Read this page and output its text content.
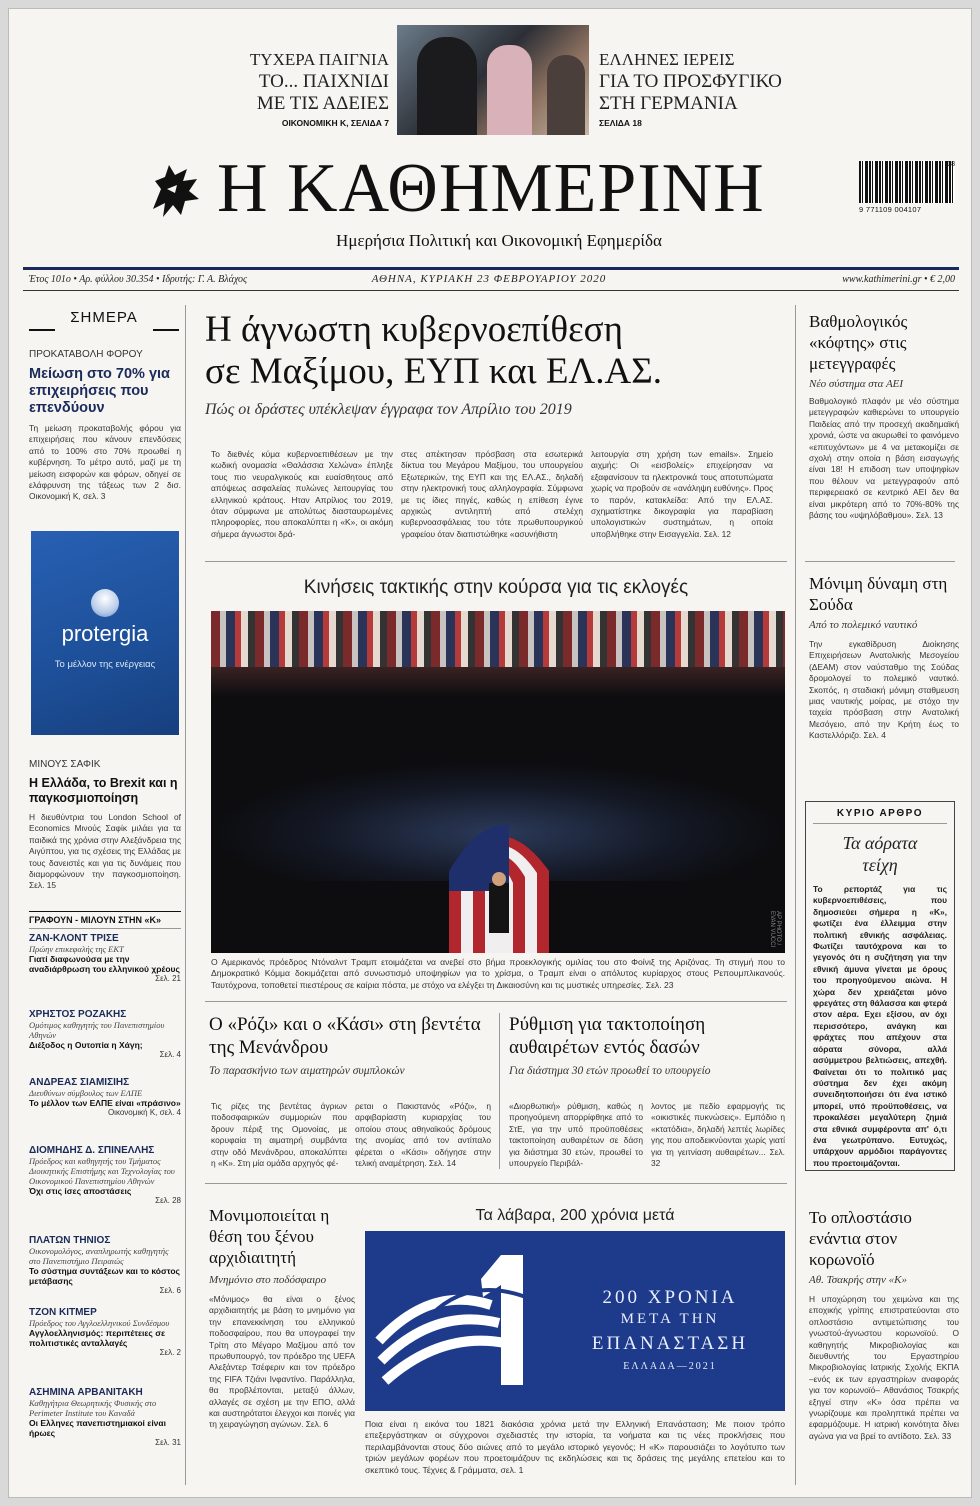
ΤΥΧΕΡΑ ΠΑΙΓΝΙΑ
ΤΟ... ΠΑΙΧΝΙΔΙ
ΜΕ ΤΙΣ ΑΔΕΙΕΣ
ΟΙΚΟΝΟΜΙΚΗ Κ, ΣΕΛΙΔΑ 7
ΕΛΛΗΝΕΣ ΙΕΡΕΙΣ
ΓΙΑ ΤΟ ΠΡΟΣΦΥΓΙΚΟ
ΣΤΗ ΓΕΡΜΑΝΙΑ
ΣΕΛΙΔΑ 18
Η ΚΑΘΗΜΕΡΙΝΗ
Ημερήσια Πολιτική και Οικονομική Εφημερίδα
9 771109 004107
08
Έτος 101ο • Αρ. φύλλου 30.354 • Ιδρυτής: Γ. Α. Βλάχος	ΑΘΗΝΑ, ΚΥΡΙΑΚΗ 23 ΦΕΒΡΟΥΑΡΙΟΥ 2020	www.kathimerini.gr • € 2,00
ΣΗΜΕΡΑ
ΠΡΟΚΑΤΑΒΟΛΗ ΦΟΡΟΥ
Μείωση στο 70% για επιχειρήσεις που επενδύουν
Τη μείωση προκαταβολής φόρου για επιχειρήσεις που κάνουν επενδύσεις από το 100% στο 70% προωθεί η κυβέρνηση. Το μέτρο αυτό, μαζί με τη μείωση εισφορών και φόρων, οδηγεί σε ελάφρυνση της τάξεως των 2 δισ. Οικονομική Κ, σελ. 3
protergia
Το μέλλον της ενέργειας
ΜΙΝΟΥΣ ΣΑΦΙΚ
Η Ελλάδα, το Brexit και η παγκοσμιοποίηση
Η διευθύντρια του London School of Economics Μινούς Σαφίκ μιλάει για τα παιδικά της χρόνια στην Αλεξάνδρεια της Αιγύπτου, για τις σχέσεις της Ελλάδας με τους δανειστές και για τις δυνάμεις που διαμορφώνουν την παγκοσμιοποίηση. Σελ. 15
ΓΡΑΦΟΥΝ - ΜΙΛΟΥΝ ΣΤΗΝ «Κ»
ΖΑΝ-ΚΛΟΝΤ ΤΡΙΣΕ
Πρώην επικεφαλής της ΕΚΤ
Γιατί διαφωνούσα με την αναδιάρθρωση του ελληνικού χρέους
Σελ. 21
ΧΡΗΣΤΟΣ ΡΟΖΑΚΗΣ
Ομότιμος καθηγητής του Πανεπιστημίου Αθηνών
Διέξοδος η Ουτοπία η Χάγη;
Σελ. 4
ΑΝΔΡΕΑΣ ΣΙΑΜΙΣΙΗΣ
Διευθύνων σύμβουλος των ΕΛΠΕ
Το μέλλον των ΕΛΠΕ είναι «πράσινο»
Οικονομική Κ, σελ. 4
ΔΙΟΜΗΔΗΣ Δ. ΣΠΙΝΕΛΛΗΣ
Πρόεδρος και καθηγητής του Τμήματος Διοικητικής Επιστήμης και Τεχνολογίας του Οικονομικού Πανεπιστημίου Αθηνών
Όχι στις ίσες αποστάσεις
Σελ. 28
ΠΛΑΤΩΝ ΤΗΝΙΟΣ
Οικονομολόγος, αναπληρωτής καθηγητής στο Πανεπιστήμιο Πειραιώς
Το σύστημα συντάξεων και το κόστος μετάβασης
Σελ. 6
ΤΖΟΝ ΚΙΤΜΕΡ
Πρόεδρος του Αγγλοελληνικού Συνδέσμου
Αγγλοελληνισμός: περιπέτειες σε πολιτιστικές ανταλλαγές
Σελ. 2
ΑΣΗΜΙΝΑ ΑΡΒΑΝΙΤΑΚΗ
Καθηγήτρια Θεωρητικής Φυσικής στο Perimeter Institute του Καναδά
Οι Ελληνες πανεπιστημιακοί είναι ήρωες
Σελ. 31
Η άγνωστη κυβερνοεπίθεση
σε Μαξίμου, ΕΥΠ και ΕΛ.ΑΣ.
Πώς οι δράστες υπέκλεψαν έγγραφα τον Απρίλιο του 2019
Το διεθνές κύμα κυβερνοεπιθέσεων με την κωδική ονομασία «Θαλάσσια Χελώνα» έπληξε τους πιο νευραλγικούς και ευαίσθητους από απόψεως ασφαλείας πυλώνες λειτουργίας του ελληνικού κράτους. Ηταν Απρίλιος του 2019, όταν σύμφωνα με απολύτως διασταυρωμένες πληροφορίες, που αποκαλύπτει η «Κ», οι ακόμη σήμερα άγνωστοι δρά-
στες απέκτησαν πρόσβαση στα εσωτερικά δίκτυα του Μεγάρου Μαξίμου, του υπουργείου Εξωτερικών, της ΕΥΠ και της ΕΛ.ΑΣ., δηλαδή στην ηλεκτρονική τους αλληλογραφία. Σύμφωνα με τις ίδιες πηγές, καθώς η επίθεση έγινε αρχικώς αντιληπτή από στελέχη κυβερνοασφάλειας του τότε πρωθυπουργικού γραφείου όταν διαπιστώθηκε «ασυνήθιστη
λειτουργία στη χρήση των emails». Σημείο αιχμής: Οι «εισβολείς» επιχείρησαν να εξαφανίσουν τα ηλεκτρονικά τους αποτυπώματα χωρίς να προβούν σε «ανάληψη ευθύνης». Προς το παρόν, κατακλείδα: Από την ΕΛ.ΑΣ. σχηματίστηκε δικογραφία για παραβίαση υπολογιστικών συστημάτων, η οποία υποβλήθηκε στην Εισαγγελία. Σελ. 12
Βαθμολογικός «κόφτης» στις μετεγγραφές
Νέο σύστημα στα ΑΕΙ
Βαθμολογικό πλαφόν με νέο σύστημα μετεγγραφών καθιερώνει το υπουργείο Παιδείας από την προσεχή ακαδημαϊκή χρονιά, ώστε να ακυρωθεί το φαινόμενο «επιτυχόντων» με 4 να μετακομίζει σε σχολή στην οποία η βάση εισαγωγής είναι 18! Η επιδοση των υποψηφίων που θέλουν να μετεγγραφούν από περιφερειακό σε κεντρικό ΑΕΙ δεν θα είναι μικρότερη από το 70%-80% της βάσης του «υψηλόβαθμου». Σελ. 13
Μόνιμη δύναμη στη Σούδα
Από το πολεμικό ναυτικό
Την εγκαθίδρυση Διοίκησης Επιχειρήσεων Ανατολικής Μεσογείου (ΔΕΑΜ) στον ναύσταθμο της Σούδας δρομολογεί το πολεμικό ναυτικό. Σκοπός, η σταδιακή μόνιμη σταθμευση μιας ναυτικής μοίρας, με στόχο την ταχεία πρόσβαση στην Ανατολική Μεσόγειο, από την Κρήτη έως το Καστελλόριζο. Σελ. 4
ΚΥΡΙΟ ΑΡΘΡΟ
Τα αόρατα τείχη
Το ρεπορτάζ για τις κυβερνοεπιθέσεις, που δημοσιεύει σήμερα η «Κ», φωτίζει ένα έλλειμμα στην πολιτική εθνικής ασφάλειας. Φωτίζει ταυτόχρονα και το γεγονός ότι η συζήτηση για την εθνική άμυνα γίνεται με όρους του προηγούμενου αιώνα. Η χώρα δεν χρειάζεται μόνο φρεγάτες στη θάλασσα και φτερά στον αέρα. Εχει εξίσου, αν όχι περισσότερο, ανάγκη και φράχτες που απέχουν στα αόρατα σύνορα, αλλά ασύμμετρου βελτιώσεις, απεχθή. Φαίνεται ότι το πολιτικό μας σύστημα δεν έχει ακόμη συνειδητοποιήσει ότι ένα ιστικό μπορεί, υπό προϋποθέσεις, να προκαλέσει μεγαλύτερη ζημιά στα εθνικά συμφέροντα απ' ό,τι ένα γεωτρύπανο. Ευτυχώς, υπάρχουν αρμόδιοι παράγοντες που προετοιμάζονται.
Το οπλοστάσιο ενάντια στον κορωνοϊό
Αθ. Τσακρής στην «Κ»
Η υποχώρηση του χειμώνα και της εποχικής γρίπης επιστρατεύονται στο οπλοστάσιο αντιμετώπισης του γνωστού-άγνωστου κορωνοϊού. Ο καθηγητής Μικροβιολογίας και διευθυντής του Εργαστηρίου Μικροβιολογίας Ιατρικής Σχολής ΕΚΠΑ –ενός εκ των εργαστηρίων αναφοράς για τον κορωνοϊό– Αθανάσιος Τσακρής εξηγεί στην «Κ» όσα πρέπει να γνωρίζουμε και προληπτικά πρέπει να εφαρμόζουμε. Η ιατρική κοινότητα δίνει αγώνα για να βρεί το αντίδοτο. Σελ. 33
Κινήσεις τακτικής στην κούρσα για τις εκλογές
AP PHOTO / EVAN VUCCI
Ο Αμερικανός πρόεδρος Ντόναλντ Τραμπ ετοιμάζεται να ανεβεί στο βήμα προεκλογικής ομιλίας του στο Φοίνιξ της Αριζόνας. Τη στιγμή που το Δημοκρατικό Κόμμα δοκιμάζεται από συνωστισμό υποψηφίων για το χρίσμα, ο Τραμπ είναι ο απόλυτος κυρίαρχος στους Ρεπουμπλικανούς. Ταυτόχρονα, τοποθετεί πιεστέρους σε καίρια πόστα, με στόχο να ελέγξει τη Δικαιοσύνη και τις μυστικές υπηρεσίες. Σελ. 23
Ο «Ρόζι» και ο «Κάσι» στη βεντέτα της Μενάνδρου
Το παρασκήνιο των αιματηρών συμπλοκών
Τις ρίζες της βεντέτας άγριων ποδοσφαιρικών συμμοριών που δρουν πέριξ της Ομονοίας, με κορυφαία τη αιματηρή συμβάντα στην οδό Μενάνδρου, αποκαλύπτει η «Κ». Στη μία ομάδα αρχηγός φέ-
ρεται ο Πακιστανός «Ρόζι», η αρφιβαρίαστη κυριαρχίας του οποίου στους αθηναϊκούς δρόμους της ανομίας από τον αντίπαλο φέρεται ο «Κάσι» οδήγησε στην τελική αναμέτρηση. Σελ. 14
Ρύθμιση για τακτοποίηση αυθαιρέτων εντός δασών
Για διάστημα 30 ετών προωθεί το υπουργείο
«Διορθωτική» ρύθμιση, καθώς η προηγούμενη απορρίφθηκε από το ΣτΕ, για την υπό προϋποθέσεις τακτοποίηση αυθαιρέτων σε δάση για διάστημα 30 ετών, προωθεί το υπουργείο Περιβάλ-
λοντος με πεδίο εφαρμογής τις «οικιστικές πυκνώσεις». Εμπόδιο η «κτατόδια», δηλαδή λεπτές λωρίδες γης που αποδεικνύονται χωρίς γιατί για τη γειτνίαση αυθαιρέτων... Σελ. 32
Μονιμοποιείται η θέση του ξένου αρχιδιαιτητή
Μνημόνιο στο ποδόσφαιρο
«Μόνιμος» θα είναι ο ξένος αρχιδιαιτητής με βάση το μνημόνιο για την επανεκκίνηση του ελληνικού ποδοσφαίρου, που θα υπογραφεί την Τρίτη στο Μέγαρο Μαξίμου από τον πρωθυπουργό, τον πρόεδρο της UEFA Αλεξάντερ Τσέφεριν και τον πρόεδρο της FIFA Τζιάνι Ινφαντίνο. Παράλληλα, θα προβλέπονται, μεταξύ άλλων, αλλαγές σε σχέση με την ΕΠΟ, αλλά και αυστηρότατοι έλεγχοι και ποινές για τη χειραγώγηση αγώνων. Σελ. 6
Τα λάβαρα, 200 χρόνια μετά
200 ΧΡΟΝΙΑ
ΜΕΤΑ ΤΗΝ
ΕΠΑΝΑΣΤΑΣΗ
ΕΛΛΑΔΑ—2021
Ποια είναι η εικόνα του 1821 διακόσια χρόνια μετά την Ελληνική Επανάσταση; Με ποιον τρόπο επεξεργάστηκαν οι σύγχρονοι σχεδιαστές την ιστορία, τα νοήματα και τις νέες προκλήσεις που περιλαμβάνονται στους δύο αιώνες από το μεγάλο ιστορικό γεγονός; Η «Κ» παρουσιάζει το λογότυπο των τριών μεγάλων φορέων που προετοιμάζουν τις εκδηλώσεις και τις δράσεις της μεγάλης επετείου και το σκεπτικό τους. Τέχνες & Γράμματα, σελ. 1
